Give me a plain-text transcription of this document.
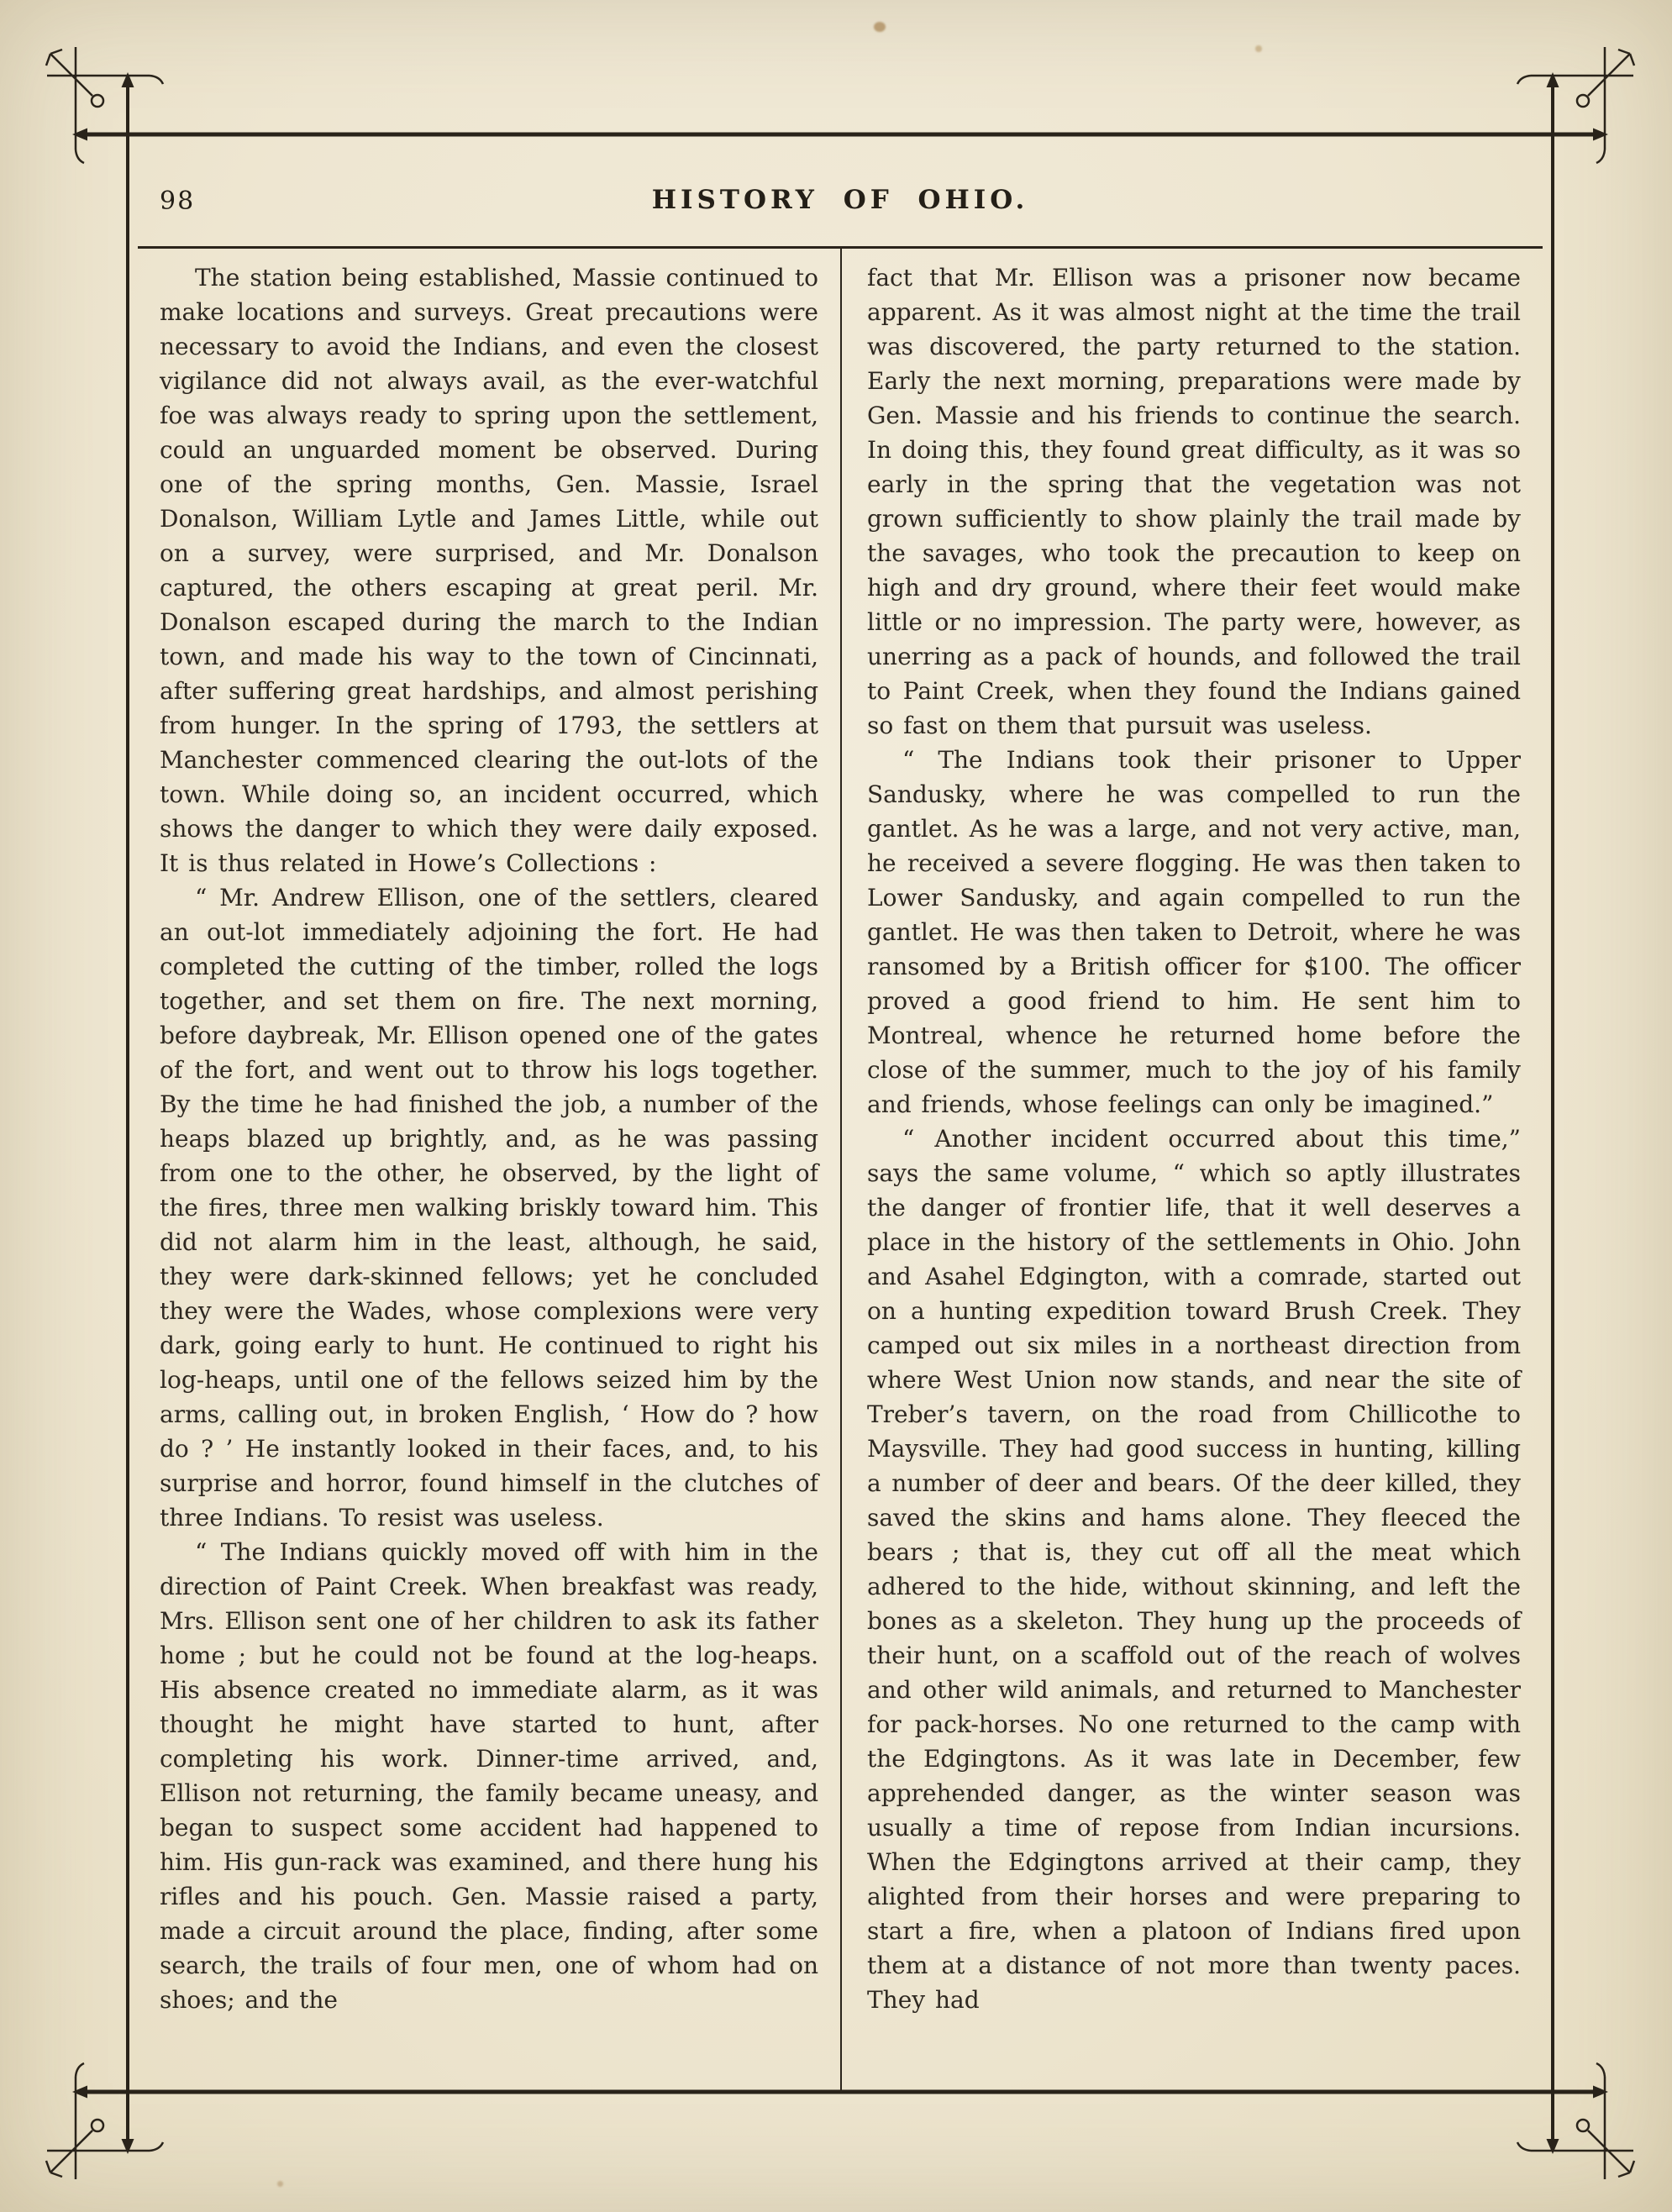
98	HISTORY OF OHIO.

The station being established, Massie continued to make locations and surveys. Great precautions were necessary to avoid the Indians, and even the closest vigilance did not always avail, as the ever-watchful foe was always ready to spring upon the settlement, could an unguarded moment be observed. During one of the spring months, Gen. Massie, Israel Donalson, William Lytle and James Little, while out on a survey, were surprised, and Mr. Donalson captured, the others escaping at great peril. Mr. Donalson escaped during the march to the Indian town, and made his way to the town of Cincinnati, after suffering great hardships, and almost perishing from hunger. In the spring of 1793, the settlers at Manchester commenced clearing the out-lots of the town. While doing so, an incident occurred, which shows the danger to which they were daily exposed. It is thus related in Howe’s Collections :

“ Mr. Andrew Ellison, one of the settlers, cleared an out-lot immediately adjoining the fort. He had completed the cutting of the timber, rolled the logs together, and set them on fire. The next morning, before daybreak, Mr. Ellison opened one of the gates of the fort, and went out to throw his logs together. By the time he had finished the job, a number of the heaps blazed up brightly, and, as he was passing from one to the other, he observed, by the light of the fires, three men walking briskly toward him. This did not alarm him in the least, although, he said, they were dark-skinned fellows; yet he concluded they were the Wades, whose complexions were very dark, going early to hunt. He continued to right his log-heaps, until one of the fellows seized him by the arms, calling out, in broken English, ‘ How do ? how do ? ’ He instantly looked in their faces, and, to his surprise and horror, found himself in the clutches of three Indians. To resist was useless.

“ The Indians quickly moved off with him in the direction of Paint Creek. When breakfast was ready, Mrs. Ellison sent one of her children to ask its father home ; but he could not be found at the log-heaps. His absence created no immediate alarm, as it was thought he might have started to hunt, after completing his work. Dinner-time arrived, and, Ellison not returning, the family became uneasy, and began to suspect some accident had happened to him. His gun-rack was examined, and there hung his rifles and his pouch. Gen. Massie raised a party, made a circuit around the place, finding, after some search, the trails of four men, one of whom had on shoes; and the

fact that Mr. Ellison was a prisoner now became apparent. As it was almost night at the time the trail was discovered, the party returned to the station. Early the next morning, preparations were made by Gen. Massie and his friends to continue the search. In doing this, they found great difficulty, as it was so early in the spring that the vegetation was not grown sufficiently to show plainly the trail made by the savages, who took the precaution to keep on high and dry ground, where their feet would make little or no impression. The party were, however, as unerring as a pack of hounds, and followed the trail to Paint Creek, when they found the Indians gained so fast on them that pursuit was useless.

“ The Indians took their prisoner to Upper Sandusky, where he was compelled to run the gantlet. As he was a large, and not very active, man, he received a severe flogging. He was then taken to Lower Sandusky, and again compelled to run the gantlet. He was then taken to Detroit, where he was ransomed by a British officer for $100. The officer proved a good friend to him. He sent him to Montreal, whence he returned home before the close of the summer, much to the joy of his family and friends, whose feelings can only be imagined.”

“ Another incident occurred about this time,” says the same volume, “ which so aptly illustrates the danger of frontier life, that it well deserves a place in the history of the settlements in Ohio. John and Asahel Edgington, with a comrade, started out on a hunting expedition toward Brush Creek. They camped out six miles in a northeast direction from where West Union now stands, and near the site of Treber’s tavern, on the road from Chillicothe to Maysville. They had good success in hunting, killing a number of deer and bears. Of the deer killed, they saved the skins and hams alone. They fleeced the bears ; that is, they cut off all the meat which adhered to the hide, without skinning, and left the bones as a skeleton. They hung up the proceeds of their hunt, on a scaffold out of the reach of wolves and other wild animals, and returned to Manchester for pack-horses. No one returned to the camp with the Edgingtons. As it was late in December, few apprehended danger, as the winter season was usually a time of repose from Indian incursions. When the Edgingtons arrived at their camp, they alighted from their horses and were preparing to start a fire, when a platoon of Indians fired upon them at a distance of not more than twenty paces. They had
